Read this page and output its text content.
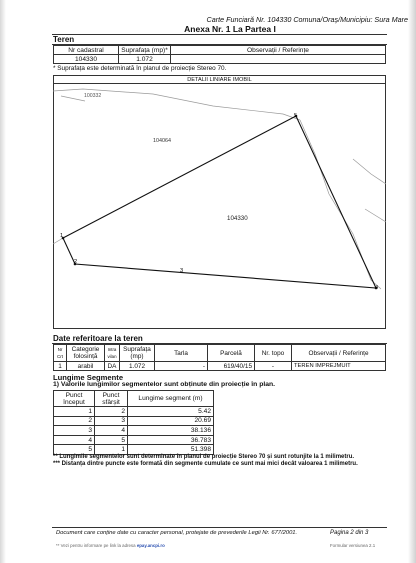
Carte Funciară Nr. 104330 Comuna/Oraș/Municipiu: Sura Mare
Anexa Nr. 1 La Partea I
Teren
Nr cadastral	Suprafața (mp)*	Observații / Referințe
104330	1.072	
* Suprafața este determinată în planul de proiecție Stereo 70.
DETALII LINIARE IMOBIL
1
2
3
4
5
100332
104064
104330
Date referitoare la teren
Nr Crt	Categorie folosință	Intra vilan	Suprafața (mp)	Tarla	Parcelă	Nr. topo	Observații / Referințe
1	arabil	DA	1.072	-	619/40/15	-	TEREN IMPREJMUIT
Lungime Segmente
1) Valorile lungimilor segmentelor sunt obținute din proiecție în plan.
Punct început	Punct sfârșit	Lungime segment (m)
1	2	5.42
2	3	20.69
3	4	38.136
4	5	36.783
5	1	51.398
** Lungimile segmentelor sunt determinate în planul de proiecție Stereo 70 și sunt rotunjite la 1 milimetru.
*** Distanța dintre puncte este formată din segmente cumulate ce sunt mai mici decât valoarea 1 milimetru.
Document care conține date cu caracter personal, protejate de prevederile Legii Nr. 677/2001.	Pagina 2 din 3
** Vezi pentru informare pe link la adresa epay.ancpi.ro	Formular versiunea 2.1
